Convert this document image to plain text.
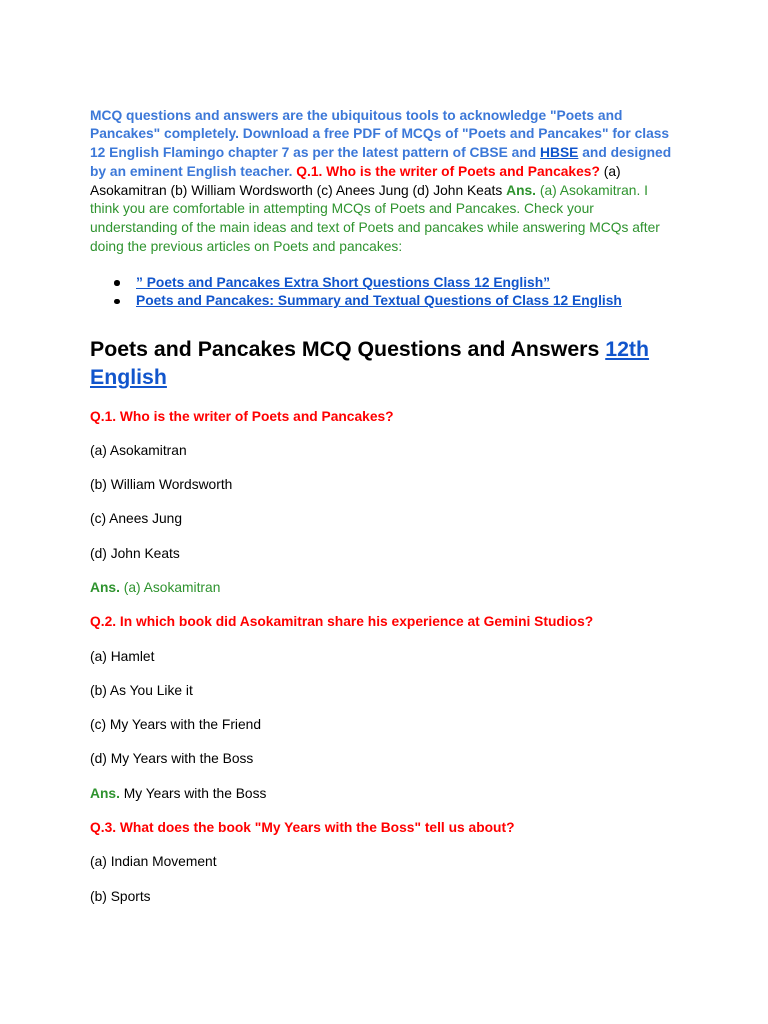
MCQ questions and answers are the ubiquitous tools to acknowledge "Poets and Pancakes" completely. Download a free PDF of MCQs of "Poets and Pancakes" for class 12 English Flamingo chapter 7 as per the latest pattern of CBSE and HBSE and designed by an eminent English teacher. Q.1. Who is the writer of Poets and Pancakes? (a) Asokamitran (b) William Wordsworth (c) Anees Jung (d) John Keats Ans. (a) Asokamitran. I think you are comfortable in attempting MCQs of Poets and Pancakes. Check your understanding of the main ideas and text of Poets and pancakes while answering MCQs after doing the previous articles on Poets and pancakes:

” Poets and Pancakes Extra Short Questions Class 12 English”
Poets and Pancakes: Summary and Textual Questions of Class 12 English
Poets and Pancakes MCQ Questions and Answers 12th English
Q.1. Who is the writer of Poets and Pancakes?
(a) Asokamitran
(b) William Wordsworth
(c) Anees Jung
(d) John Keats
Ans. (a) Asokamitran
Q.2. In which book did Asokamitran share his experience at Gemini Studios?
(a) Hamlet
(b) As You Like it
(c) My Years with the Friend
(d) My Years with the Boss
Ans. My Years with the Boss
Q.3. What does the book "My Years with the Boss" tell us about?
(a) Indian Movement
(b) Sports
